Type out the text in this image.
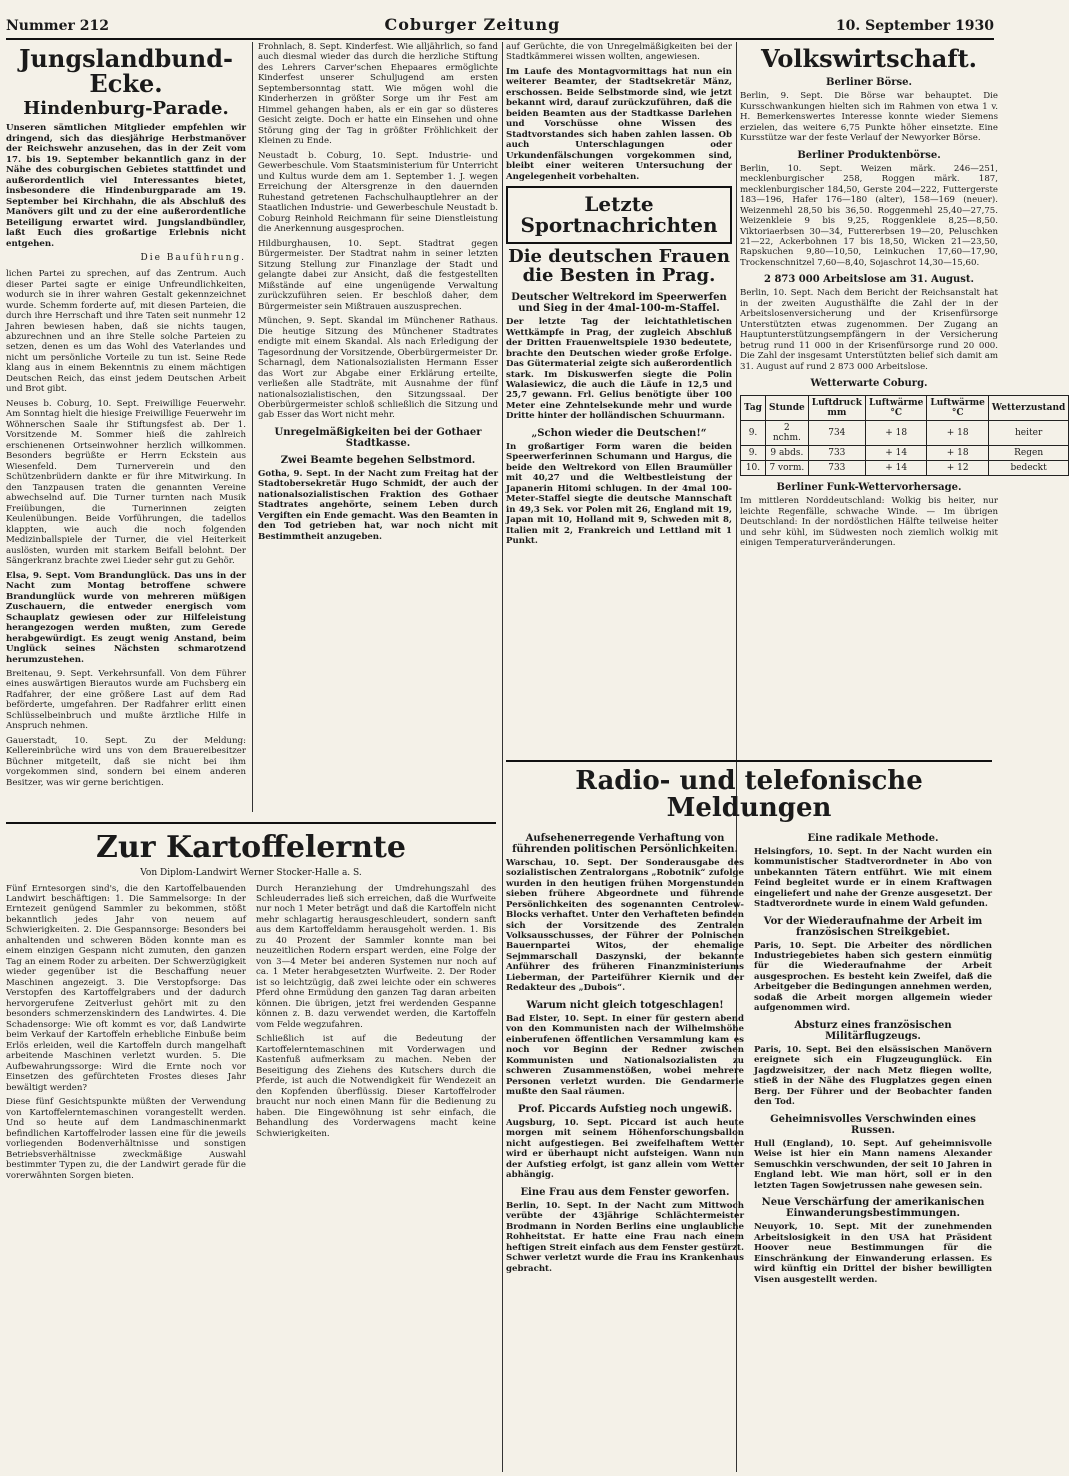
Nummer 212	Coburger Zeitung	10. September 1930
Jungslandbund-Ecke.
Hindenburg-Parade.

Unseren sämtlichen Mitglieder empfehlen wir dringend, sich das diesjährige Herbstmanöver der Reichswehr anzusehen, das in der Zeit vom 17. bis 19. September bekanntlich ganz in der Nähe des coburgischen Gebietes stattfindet und außerordentlich viel Interessantes bietet, insbesondere die Hindenburgparade am 19. September bei Kirchhahn, die als Abschluß des Manövers gilt und zu der eine außerordentliche Beteiligung erwartet wird. Jungslandbündler, laßt Euch dies großartige Erlebnis nicht entgehen.

Die Bauführung.

lichen Partei zu sprechen, auf das Zentrum. Auch dieser Partei sagte er einige Unfreundlichkeiten, wodurch sie in ihrer wahren Gestalt gekennzeichnet wurde. Schemm forderte auf, mit diesen Parteien, die durch ihre Herrschaft und ihre Taten seit nunmehr 12 Jahren bewiesen haben, daß sie nichts taugen, abzurechnen und an ihre Stelle solche Parteien zu setzen, denen es um das Wohl des Vaterlandes und nicht um persönliche Vorteile zu tun ist. Seine Rede klang aus in einem Bekenntnis zu einem mächtigen Deutschen Reich, das einst jedem Deutschen Arbeit und Brot gibt.

Neuses b. Coburg, 10. Sept. Freiwillige Feuerwehr. Am Sonntag hielt die hiesige Freiwillige Feuerwehr im Wöhnerschen Saale ihr Stiftungsfest ab. Der 1. Vorsitzende M. Sommer hieß die zahlreich erschienenen Ortseinwohner herzlich willkommen. Besonders begrüßte er Herrn Eckstein aus Wiesenfeld. Dem Turnerverein und den Schützenbrüdern dankte er für ihre Mitwirkung. In den Tanzpausen traten die genannten Vereine abwechselnd auf. Die Turner turnten nach Musik Freiübungen, die Turnerinnen zeigten Keulenübungen. Beide Vorführungen, die tadellos klappten, wie auch die noch folgenden Medizinballspiele der Turner, die viel Heiterkeit auslösten, wurden mit starkem Beifall belohnt. Der Sängerkranz brachte zwei Lieder sehr gut zu Gehör.

Elsa, 9. Sept. Vom Brandunglück. Das uns in der Nacht zum Montag betroffene schwere Brandunglück wurde von mehreren müßigen Zuschauern, die entweder energisch vom Schauplatz gewiesen oder zur Hilfeleistung herangezogen werden mußten, zum Gerede herabgewürdigt. Es zeugt wenig Anstand, beim Unglück seines Nächsten schmarotzend herumzustehen.

Breitenau, 9. Sept. Verkehrsunfall. Von dem Führer eines auswärtigen Bierautos wurde am Fuchsberg ein Radfahrer, der eine größere Last auf dem Rad beförderte, umgefahren. Der Radfahrer erlitt einen Schlüsselbeinbruch und mußte ärztliche Hilfe in Anspruch nehmen.

Gauerstadt, 10. Sept. Zu der Meldung: Kellereinbrüche wird uns von dem Brauereibesitzer Büchner mitgeteilt, daß sie nicht bei ihm vorgekommen sind, sondern bei einem anderen Besitzer, was wir gerne berichtigen.

Frohnlach, 8. Sept. Kinderfest. Wie alljährlich, so fand auch diesmal wieder das durch die herzliche Stiftung des Lehrers Carver'schen Ehepaares ermöglichte Kinderfest unserer Schuljugend am ersten Septembersonntag statt. Wie mögen wohl die Kinderherzen in größter Sorge um ihr Fest am Himmel gehangen haben, als er ein gar so düsteres Gesicht zeigte. Doch er hatte ein Einsehen und ohne Störung ging der Tag in größter Fröhlichkeit der Kleinen zu Ende.

Neustadt b. Coburg, 10. Sept. Industrie- und Gewerbeschule. Vom Staatsministerium für Unterricht und Kultus wurde dem am 1. September 1. J. wegen Erreichung der Altersgrenze in den dauernden Ruhestand getretenen Fachschulhauptlehrer an der Staatlichen Industrie- und Gewerbeschule Neustadt b. Coburg Reinhold Reichmann für seine Dienstleistung die Anerkennung ausgesprochen.

Hildburghausen, 10. Sept. Stadtrat gegen Bürgermeister. Der Stadtrat nahm in seiner letzten Sitzung Stellung zur Finanzlage der Stadt und gelangte dabei zur Ansicht, daß die festgestellten Mißstände auf eine ungenügende Verwaltung zurückzuführen seien. Er beschloß daher, dem Bürgermeister sein Mißtrauen auszusprechen.

München, 9. Sept. Skandal im Münchener Rathaus. Die heutige Sitzung des Münchener Stadtrates endigte mit einem Skandal. Als nach Erledigung der Tagesordnung der Vorsitzende, Oberbürgermeister Dr. Scharnagl, dem Nationalsozialisten Hermann Esser das Wort zur Abgabe einer Erklärung erteilte, verließen alle Stadträte, mit Ausnahme der fünf nationalsozialistischen, den Sitzungssaal. Der Oberbürgermeister schloß schließlich die Sitzung und gab Esser das Wort nicht mehr.

Unregelmäßigkeiten bei der Gothaer Stadtkasse.
Zwei Beamte begehen Selbstmord.

Gotha, 9. Sept. In der Nacht zum Freitag hat der Stadtobersekretär Hugo Schmidt, der auch der nationalsozialistischen Fraktion des Gothaer Stadtrates angehörte, seinem Leben durch Vergiften ein Ende gemacht. Was den Beamten in den Tod getrieben hat, war noch nicht mit Bestimmtheit anzugeben.

auf Gerüchte, die von Unregelmäßigkeiten bei der Stadtkämmerei wissen wollten, angewiesen.

Im Laufe des Montagvormittags hat nun ein weiterer Beamter, der Stadtsekretär Mänz, erschossen. Beide Selbstmorde sind, wie jetzt bekannt wird, darauf zurückzuführen, daß die beiden Beamten aus der Stadtkasse Darlehen und Vorschüsse ohne Wissen des Stadtvorstandes sich haben zahlen lassen. Ob auch Unterschlagungen oder Urkundenfälschungen vorgekommen sind, bleibt einer weiteren Untersuchung der Angelegenheit vorbehalten.

Letzte Sportnachrichten
Die deutschen Frauen die Besten in Prag.
Deutscher Weltrekord im Speerwerfen und Sieg in der 4mal-100-m-Staffel.

Der letzte Tag der leichtathletischen Wettkämpfe in Prag, der zugleich Abschluß der Dritten Frauenweltspiele 1930 bedeutete, brachte den Deutschen wieder große Erfolge. Das Gütermaterial zeigte sich außerordentlich stark. Im Diskuswerfen siegte die Polin Walasiewicz, die auch die Läufe in 12,5 und 25,7 gewann. Frl. Gelius benötigte über 100 Meter eine Zehntelsekunde mehr und wurde Dritte hinter der holländischen Schuurmann.

„Schon wieder die Deutschen!“

In großartiger Form waren die beiden Speerwerferinnen Schumann und Hargus, die beide den Weltrekord von Ellen Braumüller mit 40,27 und die Weltbestleistung der Japanerin Hitomi schlugen. In der 4mal 100-Meter-Staffel siegte die deutsche Mannschaft in 49,3 Sek. vor Polen mit 26, England mit 19, Japan mit 10, Holland mit 9, Schweden mit 8, Italien mit 2, Frankreich und Lettland mit 1 Punkt.

Volkswirtschaft.
Berliner Börse.

Berlin, 9. Sept. Die Börse war behauptet. Die Kursschwankungen hielten sich im Rahmen von etwa 1 v. H. Bemerkenswertes Interesse konnte wieder Siemens erzielen, das weitere 6,75 Punkte höher einsetzte. Eine Kursstütze war der feste Verlauf der Newyorker Börse.

Berliner Produktenbörse.

Berlin, 10. Sept. Weizen märk. 246—251, mecklenburgischer 258, Roggen märk. 187, mecklenburgischer 184,50, Gerste 204—222, Futtergerste 183—196, Hafer 176—180 (alter), 158—169 (neuer). Weizenmehl 28,50 bis 36,50. Roggenmehl 25,40—27,75. Weizenkleie 9 bis 9,25, Roggenkleie 8,25—8,50. Viktoriaerbsen 30—34, Futtererbsen 19—20, Peluschken 21—22, Ackerbohnen 17 bis 18,50, Wicken 21—23,50, Rapskuchen 9,80—10,50, Leinkuchen 17,60—17,90, Trockenschnitzel 7,60—8,40, Sojaschrot 14,30—15,60.

2 873 000 Arbeitslose am 31. August.

Berlin, 10. Sept. Nach dem Bericht der Reichsanstalt hat in der zweiten Augusthälfte die Zahl der in der Arbeitslosenversicherung und der Krisenfürsorge Unterstützten etwas zugenommen. Der Zugang an Hauptunterstützungsempfängern in der Versicherung betrug rund 11 000 in der Krisenfürsorge rund 20 000. Die Zahl der insgesamt Unterstützten belief sich damit am 31. August auf rund 2 873 000 Arbeitslose.

Wetterwarte Coburg.
Tag	Stunde	Luftdruck mm	Luftwärme °C	Luftwärme °C	Wetterzustand
9.	2 nchm.	734	+ 18	+ 18	heiter
9.	9 abds.	733	+ 14	+ 18	Regen
10.	7 vorm.	733	+ 14	+ 12	bedeckt
Berliner Funk-Wettervorhersage.

Im mittleren Norddeutschland: Wolkig bis heiter, nur leichte Regenfälle, schwache Winde. — Im übrigen Deutschland: In der nordöstlichen Hälfte teilweise heiter und sehr kühl, im Südwesten noch ziemlich wolkig mit einigen Temperaturveränderungen.

Zur Kartoffelernte
Von Diplom-Landwirt Werner Stocker-Halle a. S.

Fünf Erntesorgen sind's, die den Kartoffelbauenden Landwirt beschäftigen: 1. Die Sammelsorge: In der Erntezeit genügend Sammler zu bekommen, stößt bekanntlich jedes Jahr von neuem auf Schwierigkeiten. 2. Die Gespannsorge: Besonders bei anhaltenden und schweren Böden konnte man es einem einzigen Gespann nicht zumuten, den ganzen Tag an einem Roder zu arbeiten. Der Schwerzügigkeit wieder gegenüber ist die Beschaffung neuer Maschinen angezeigt. 3. Die Verstopfsorge: Das Verstopfen des Kartoffelgrabers und der dadurch hervorgerufene Zeitverlust gehört mit zu den besonders schmerzenskindern des Landwirtes. 4. Die Schadensorge: Wie oft kommt es vor, daß Landwirte beim Verkauf der Kartoffeln erhebliche Einbuße beim Erlös erleiden, weil die Kartoffeln durch mangelhaft arbeitende Maschinen verletzt wurden. 5. Die Aufbewahrungssorge: Wird die Ernte noch vor Einsetzen des gefürchteten Frostes dieses Jahr bewältigt werden?

Diese fünf Gesichtspunkte müßten der Verwendung von Kartoffelerntemaschinen vorangestellt werden. Und so heute auf dem Landmaschinenmarkt befindlichen Kartoffelroder lassen eine für die jeweils vorliegenden Bodenverhältnisse und sonstigen Betriebsverhältnisse zweckmäßige Auswahl bestimmter Typen zu, die der Landwirt gerade für die vorerwähnten Sorgen bieten.

Durch Heranziehung der Umdrehungszahl des Schleuderrades ließ sich erreichen, daß die Wurfweite nur noch 1 Meter beträgt und daß die Kartoffeln nicht mehr schlagartig herausgeschleudert, sondern sanft aus dem Kartoffeldamm herausgeholt werden. 1. Bis zu 40 Prozent der Sammler konnte man bei neuzeitlichen Rodern erspart werden, eine Folge der von 3—4 Meter bei anderen Systemen nur noch auf ca. 1 Meter herabgesetzten Wurfweite. 2. Der Roder ist so leichtzügig, daß zwei leichte oder ein schweres Pferd ohne Ermüdung den ganzen Tag daran arbeiten können. Die übrigen, jetzt frei werdenden Gespanne können z. B. dazu verwendet werden, die Kartoffeln vom Felde wegzufahren.

Schließlich ist auf die Bedeutung der Kartoffelerntemaschinen mit Vorderwagen und Kastenfuß aufmerksam zu machen. Neben der Beseitigung des Ziehens des Kutschers durch die Pferde, ist auch die Notwendigkeit für Wendezeit an den Kopfenden überflüssig. Dieser Kartoffelroder braucht nur noch einen Mann für die Bedienung zu haben. Die Eingewöhnung ist sehr einfach, die Behandlung des Vorderwagens macht keine Schwierigkeiten.

Radio- und telefonische Meldungen
Aufsehenerregende Verhaftung von führenden politischen Persönlichkeiten.

Warschau, 10. Sept. Der Sonderausgabe des sozialistischen Zentralorgans „Robotnik“ zufolge wurden in den heutigen frühen Morgenstunden sieben frühere Abgeordnete und führende Persönlichkeiten des sogenannten Centrolew-Blocks verhaftet. Unter den Verhafteten befinden sich der Vorsitzende des Zentralen Volksausschusses, der Führer der Polnischen Bauernpartei Witos, der ehemalige Sejmmarschall Daszynski, der bekannte Anführer des früheren Finanzministeriums Lieberman, der Parteiführer Kiernik und der Redakteur des „Dubois“.

Warum nicht gleich totgeschlagen!

Bad Elster, 10. Sept. In einer für gestern abend von den Kommunisten nach der Wilhelmshöhe einberufenen öffentlichen Versammlung kam es noch vor Beginn der Redner zwischen Kommunisten und Nationalsozialisten zu schweren Zusammenstößen, wobei mehrere Personen verletzt wurden. Die Gendarmerie mußte den Saal räumen.

Prof. Piccards Aufstieg noch ungewiß.

Augsburg, 10. Sept. Piccard ist auch heute morgen mit seinem Höhenforschungsballon nicht aufgestiegen. Bei zweifelhaftem Wetter wird er überhaupt nicht aufsteigen. Wann nun der Aufstieg erfolgt, ist ganz allein vom Wetter abhängig.

Eine Frau aus dem Fenster geworfen.

Berlin, 10. Sept. In der Nacht zum Mittwoch verübte der 43jährige Schlächtermeister Brodmann in Norden Berlins eine unglaubliche Rohheitstat. Er hatte eine Frau nach einem heftigen Streit einfach aus dem Fenster gestürzt. Schwer verletzt wurde die Frau ins Krankenhaus gebracht.

Eine radikale Methode.

Helsingfors, 10. Sept. In der Nacht wurden ein kommunistischer Stadtverordneter in Abo von unbekannten Tätern entführt. Wie mit einem Feind begleitet wurde er in einem Kraftwagen eingeliefert und nahe der Grenze ausgesetzt. Der Stadtverordnete wurde in einem Wald gefunden.

Vor der Wiederaufnahme der Arbeit im französischen Streikgebiet.

Paris, 10. Sept. Die Arbeiter des nördlichen Industriegebietes haben sich gestern einmütig für die Wiederaufnahme der Arbeit ausgesprochen. Es besteht kein Zweifel, daß die Arbeitgeber die Bedingungen annehmen werden, sodaß die Arbeit morgen allgemein wieder aufgenommen wird.

Absturz eines französischen Militärflugzeugs.

Paris, 10. Sept. Bei den elsässischen Manövern ereignete sich ein Flugzeugunglück. Ein Jagdzweisitzer, der nach Metz fliegen wollte, stieß in der Nähe des Flugplatzes gegen einen Berg. Der Führer und der Beobachter fanden den Tod.

Geheimnisvolles Verschwinden eines Russen.

Hull (England), 10. Sept. Auf geheimnisvolle Weise ist hier ein Mann namens Alexander Semuschkin verschwunden, der seit 10 Jahren in England lebt. Wie man hört, soll er in den letzten Tagen Sowjetrussen nahe gewesen sein.

Neue Verschärfung der amerikanischen Einwanderungsbestimmungen.

Neuyork, 10. Sept. Mit der zunehmenden Arbeitslosigkeit in den USA hat Präsident Hoover neue Bestimmungen für die Einschränkung der Einwanderung erlassen. Es wird künftig ein Drittel der bisher bewilligten Visen ausgestellt werden.
